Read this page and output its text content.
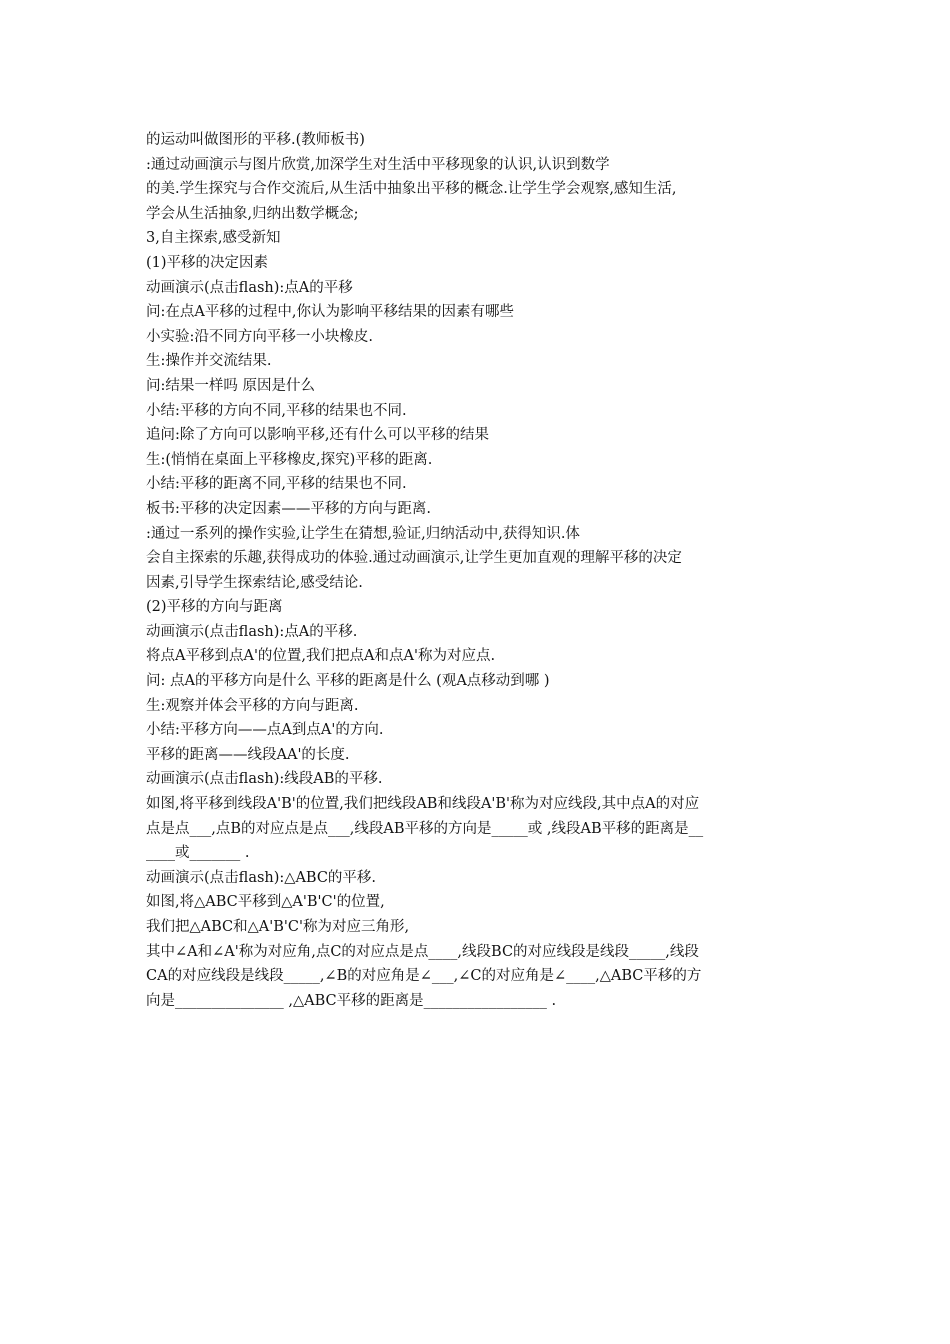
的运动叫做图形的平移.(教师板书)
:通过动画演示与图片欣赏,加深学生对生活中平移现象的认识,认识到数学
的美.学生探究与合作交流后,从生活中抽象出平移的概念.让学生学会观察,感知生活,
学会从生活抽象,归纳出数学概念;
3,自主探索,感受新知
(1)平移的决定因素
动画演示(点击flash):点A的平移
问:在点A平移的过程中,你认为影响平移结果的因素有哪些
小实验:沿不同方向平移一小块橡皮.
生:操作并交流结果.
问:结果一样吗 原因是什么
小结:平移的方向不同,平移的结果也不同.
追问:除了方向可以影响平移,还有什么可以平移的结果
生:(悄悄在桌面上平移橡皮,探究)平移的距离.
小结:平移的距离不同,平移的结果也不同.
板书:平移的决定因素——平移的方向与距离.
:通过一系列的操作实验,让学生在猜想,验证,归纳活动中,获得知识.体
会自主探索的乐趣,获得成功的体验.通过动画演示,让学生更加直观的理解平移的决定
因素,引导学生探索结论,感受结论.
(2)平移的方向与距离
动画演示(点击flash):点A的平移.
将点A平移到点A'的位置,我们把点A和点A'称为对应点.
问: 点A的平移方向是什么 平移的距离是什么 (观A点移动到哪 )
生:观察并体会平移的方向与距离.
小结:平移方向——点A到点A'的方向.
平移的距离——线段AA'的长度.
动画演示(点击flash):线段AB的平移.
如图,将平移到线段A'B'的位置,我们把线段AB和线段A'B'称为对应线段,其中点A的对应
点是点___,点B的对应点是点___,线段AB平移的方向是_____或 ,线段AB平移的距离是__
____或_______ .
动画演示(点击flash):△ABC的平移.
如图,将△ABC平移到△A'B'C'的位置,
我们把△ABC和△A'B'C'称为对应三角形,
其中∠A和∠A'称为对应角,点C的对应点是点____,线段BC的对应线段是线段_____,线段
CA的对应线段是线段_____,∠B的对应角是∠___,∠C的对应角是∠____,△ABC平移的方
向是_______________ ,△ABC平移的距离是_________________ .
